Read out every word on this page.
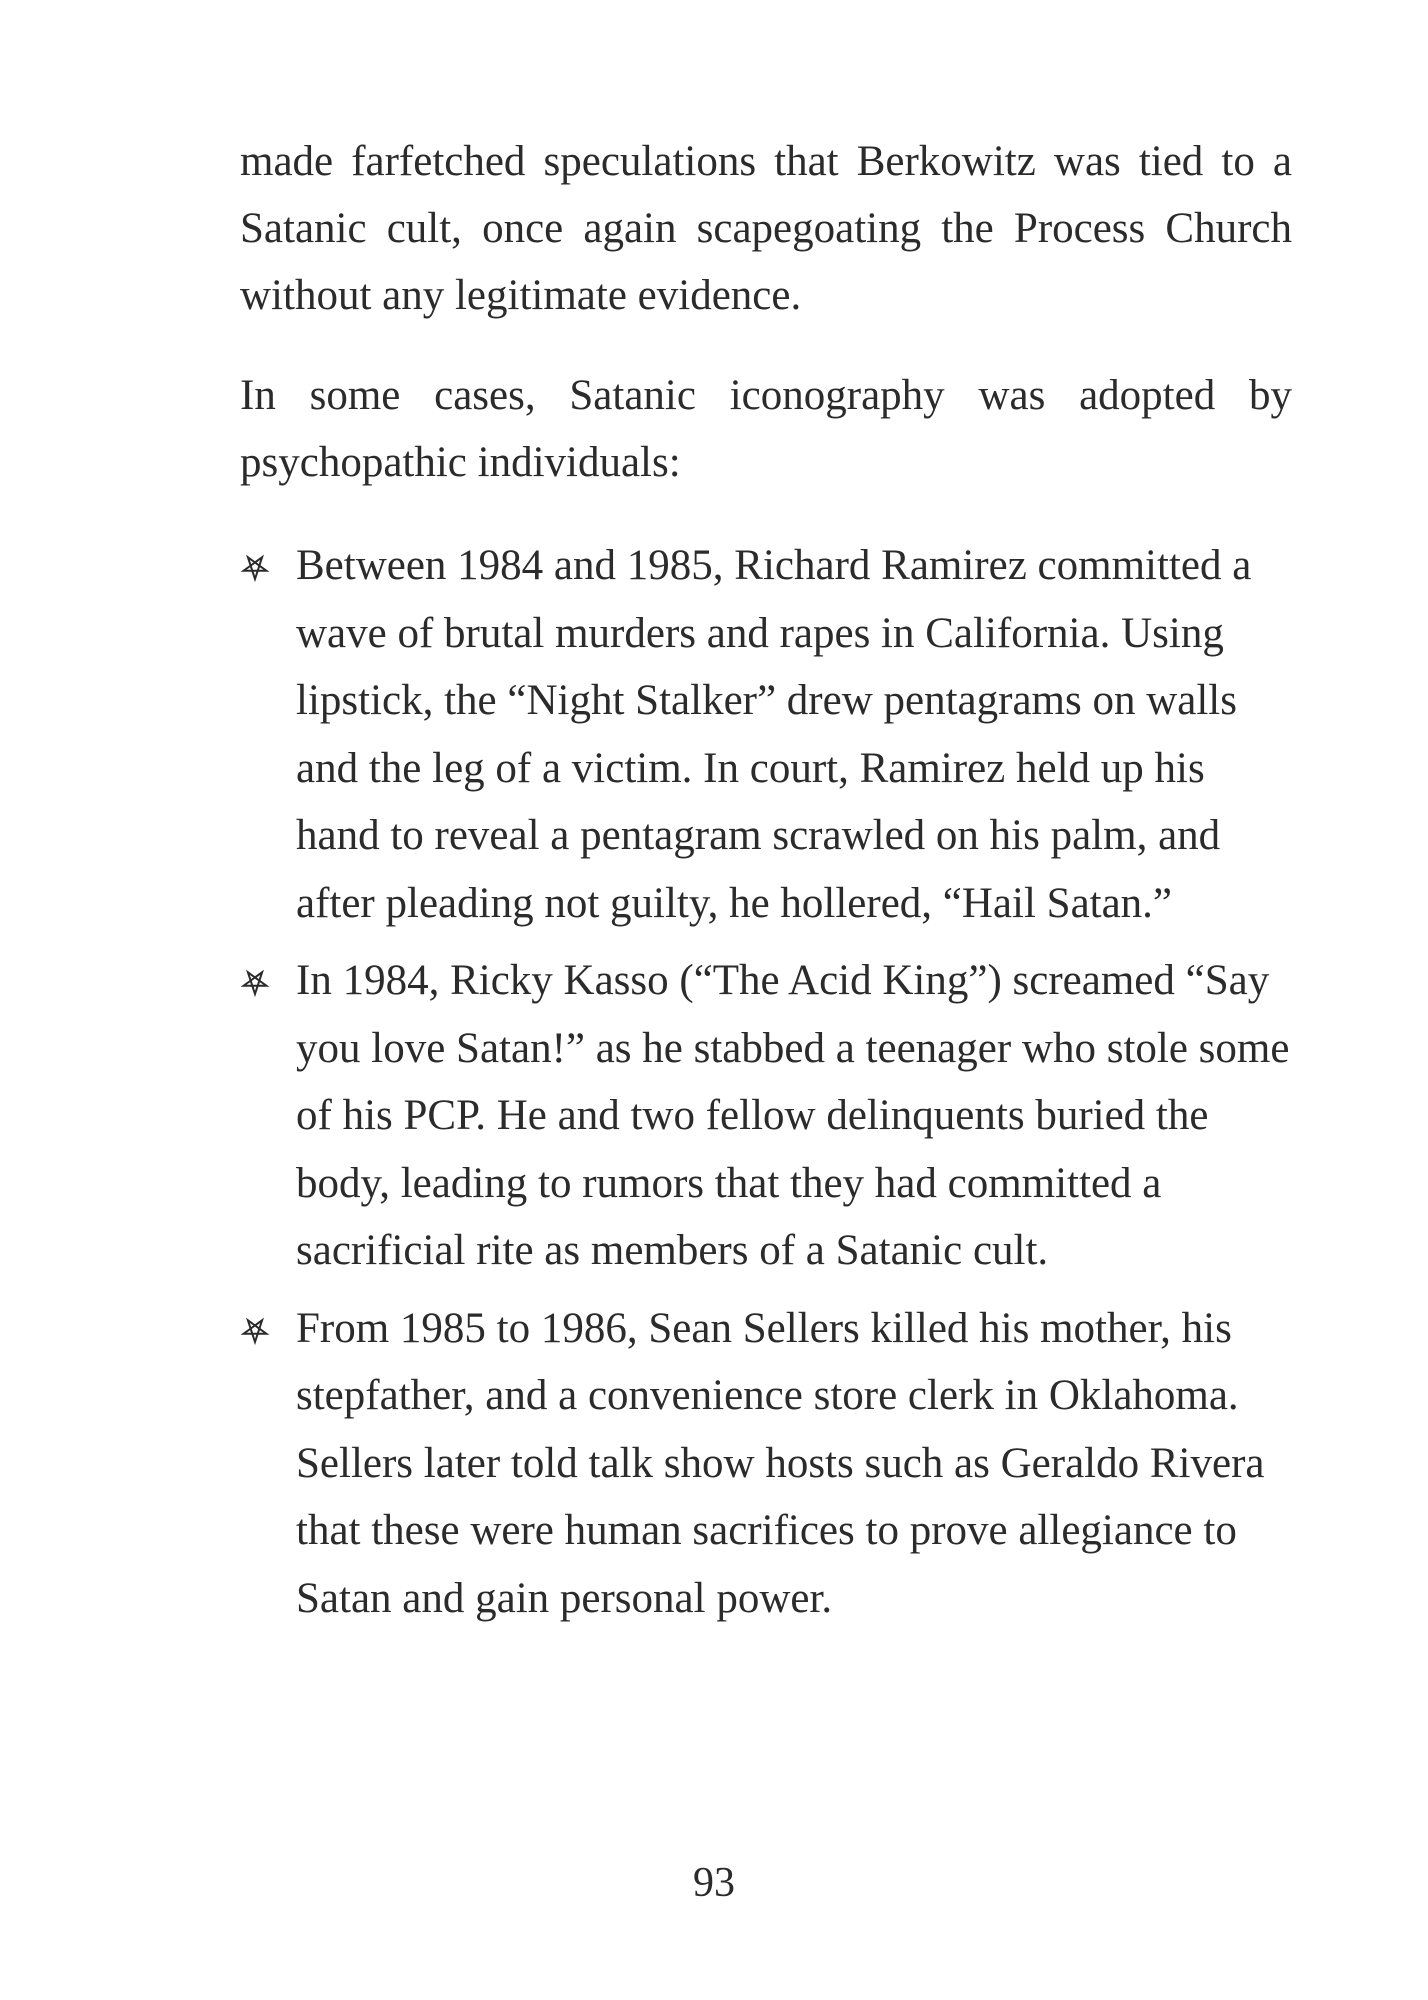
made farfetched speculations that Berkowitz was tied to a Satanic cult, once again scapegoating the Process Church without any legitimate evidence.

In some cases, Satanic iconography was adopted by psychopathic individuals:

Between 1984 and 1985, Richard Ramirez committed a wave of brutal murders and rapes in California. Using lipstick, the “Night Stalker” drew pentagrams on walls and the leg of a victim. In court, Ramirez held up his hand to reveal a pentagram scrawled on his palm, and after pleading not guilty, he hollered, “Hail Satan.”
In 1984, Ricky Kasso (“The Acid King”) screamed “Say you love Satan!” as he stabbed a teenager who stole some of his PCP. He and two fellow delinquents buried the body, leading to rumors that they had committed a sacrificial rite as members of a Satanic cult.
From 1985 to 1986, Sean Sellers killed his mother, his stepfather, and a convenience store clerk in Oklahoma. Sellers later told talk show hosts such as Geraldo Rivera that these were human sacrifices to prove allegiance to Satan and gain personal power.
93
